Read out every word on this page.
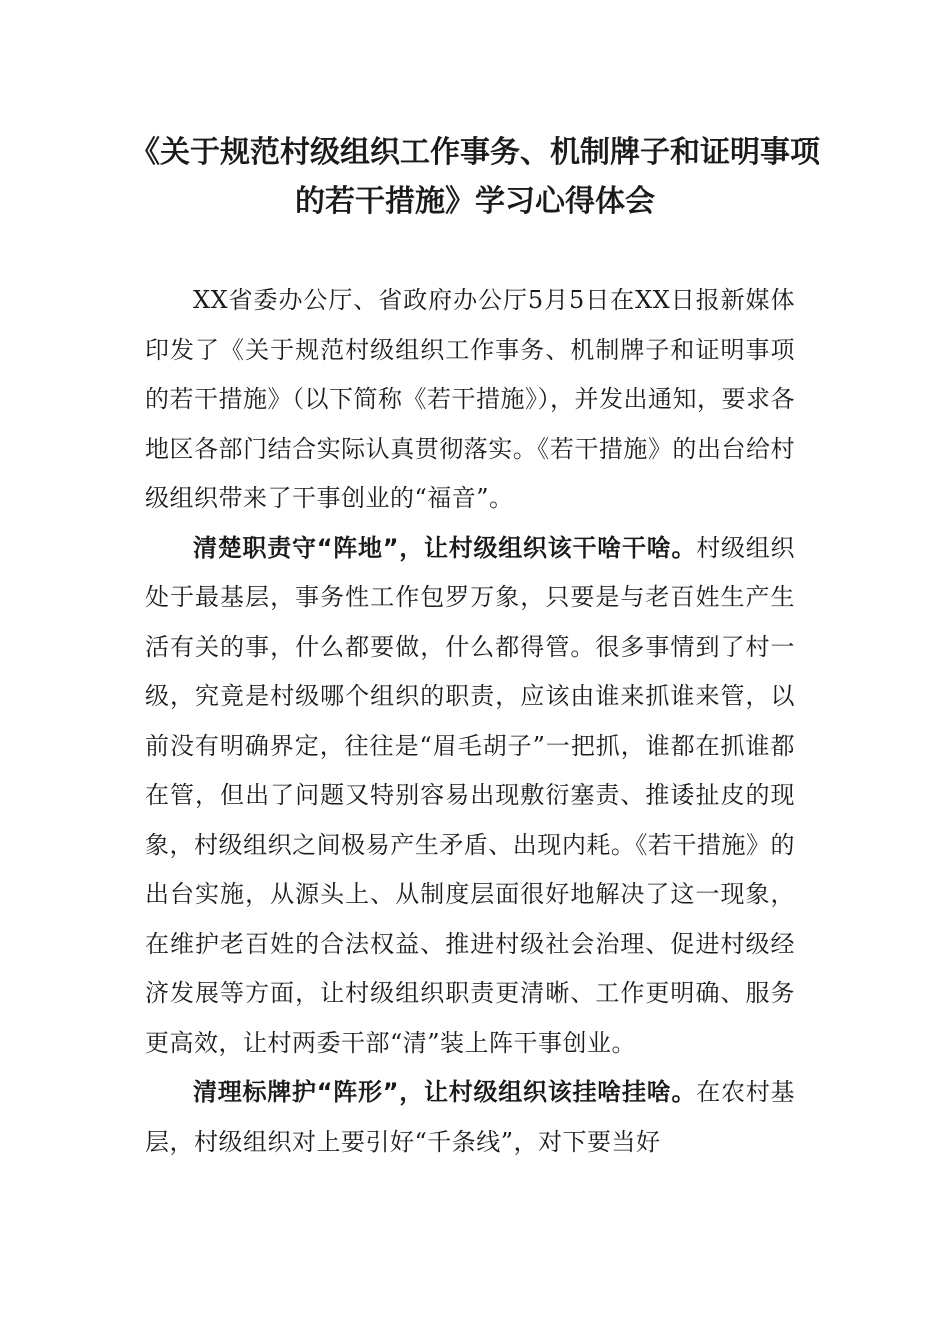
《关于规范村级组织工作事务、机制牌子和证明事项
的若干措施》学习心得体会

XX省委办公厅、省政府办公厅5月5日在XX日报新媒体印发了《关于规范村级组织工作事务、机制牌子和证明事项的若干措施》（以下简称《若干措施》），并发出通知，要求各地区各部门结合实际认真贯彻落实。《若干措施》的出台给村级组织带来了干事创业的“福音”。

清楚职责守“阵地”，让村级组织该干啥干啥。村级组织处于最基层，事务性工作包罗万象，只要是与老百姓生产生活有关的事，什么都要做，什么都得管。很多事情到了村一级，究竟是村级哪个组织的职责，应该由谁来抓谁来管，以前没有明确界定，往往是“眉毛胡子”一把抓，谁都在抓谁都在管，但出了问题又特别容易出现敷衍塞责、推诿扯皮的现象，村级组织之间极易产生矛盾、出现内耗。《若干措施》的出台实施，从源头上、从制度层面很好地解决了这一现象，在维护老百姓的合法权益、推进村级社会治理、促进村级经济发展等方面，让村级组织职责更清晰、工作更明确、服务更高效，让村两委干部“清”装上阵干事创业。

清理标牌护“阵形”，让村级组织该挂啥挂啥。在农村基层，村级组织对上要引好“千条线”，对下要当好
